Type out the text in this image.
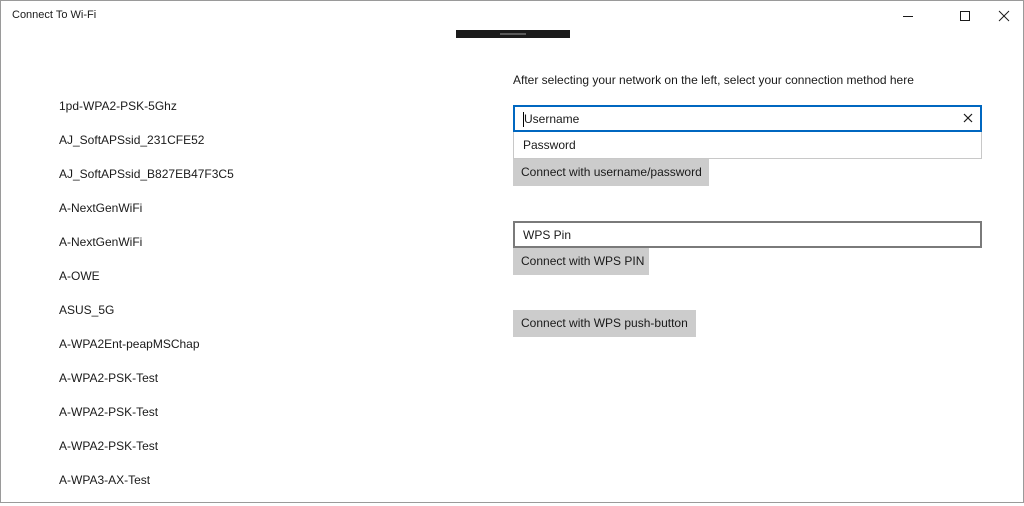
Connect To Wi-Fi
1pd-WPA2-PSK-5Ghz
AJ_SoftAPSsid_231CFE52
AJ_SoftAPSsid_B827EB47F3C5
A-NextGenWiFi
A-NextGenWiFi
A-OWE
ASUS_5G
A-WPA2Ent-peapMSChap
A-WPA2-PSK-Test
A-WPA2-PSK-Test
A-WPA2-PSK-Test
A-WPA3-AX-Test
After selecting your network on the left, select your connection method here
Username
Password
Connect with username/password
WPS Pin
Connect with WPS PIN
Connect with WPS push-button
